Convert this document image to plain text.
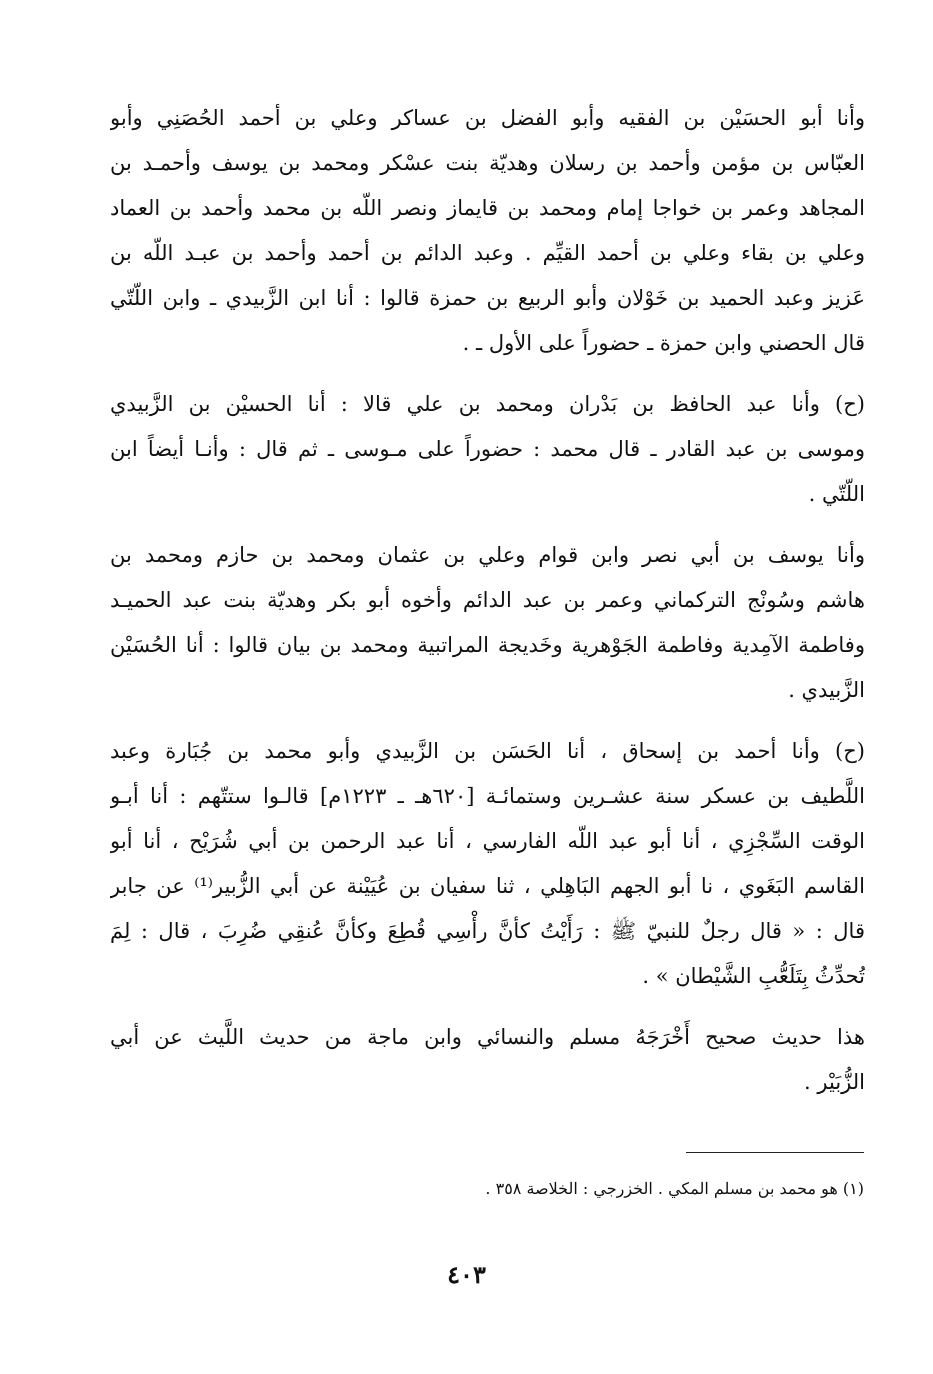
وأنا أبو الحسَيْن بن الفقيه وأبو الفضل بن عساكر وعلي بن أحمد الحُصَنِي وأبو
العبّاس بن مؤمن وأحمد بن رسلان وهديّة بنت عسْكر ومحمد بن يوسف وأحمـد بن
المجاهد وعمر بن خواجا إمام ومحمد بن قايماز ونصر اللّه بن محمد وأحمد بن العماد
وعلي بن بقاء وعلي بن أحمد القيِّم . وعبد الدائم بن أحمد وأحمد بن عبـد اللّه بن
عَزيز وعبد الحميد بن خَوْلان وأبو الربيع بن حمزة قالوا : أنا ابن الزَّبيدي ـ وابن اللّتّي
قال الحصني وابن حمزة ـ حضوراً على الأول ـ .

(ح) وأنا عبد الحافظ بن بَدْران ومحمد بن علي قالا : أنا الحسيْن بن الزَّبيدي
وموسى بن عبد القادر ـ قال محمد : حضوراً على مـوسى ـ ثم قال : وأنـا أيضاً ابن
اللّتّي .

وأنا يوسف بن أبي نصر وابن قوام وعلي بن عثمان ومحمد بن حازم ومحمد بن
هاشم وسُونْج التركماني وعمر بن عبد الدائم وأخوه أبو بكر وهديّة بنت عبد الحميـد
وفاطمة الآمِدية وفاطمة الجَوْهرية وخَديجة المراتبية ومحمد بن بيان قالوا : أنا الحُسَيْن
الزَّبيدي .

(ح) وأنا أحمد بن إسحاق ، أنا الحَسَن بن الزَّبيدي وأبو محمد بن جُبَارة وعبد
اللَّطيف بن عسكر سنة عشـرين وستمائـة [٦٢٠هـ ـ ١٢٢٣م] قالـوا ستتّهم : أنا أبـو
الوقت السِّجْزِي ، أنا أبو عبد اللّه الفارسي ، أنا عبد الرحمن بن أبي شُرَيْح ، أنا أبو
القاسم البَغَوي ، نا أبو الجهم البَاهِلي ، ثنا سفيان بن عُيَيْنة عن أبي الزُّبير⁽¹⁾ عن جابر
قال : « قال رجلٌ للنبيّ ﷺ : رَأَيْتُ كأنَّ رأْسِي قُطِعَ وكأنَّ عُنقِي ضُرِبَ ، قال : لِمَ
تُحدِّثُ بِتَلَعُّبِ الشَّيْطان » .

هذا حديث صحيح أَخْرَجَهُ مسلم والنسائي وابن ماجة من حديث اللَّيث عن أبي
الزُّبَيْر .

(١) هو محمد بن مسلم المكي . الخزرجي : الخلاصة ٣٥٨ .
٤٠٣
